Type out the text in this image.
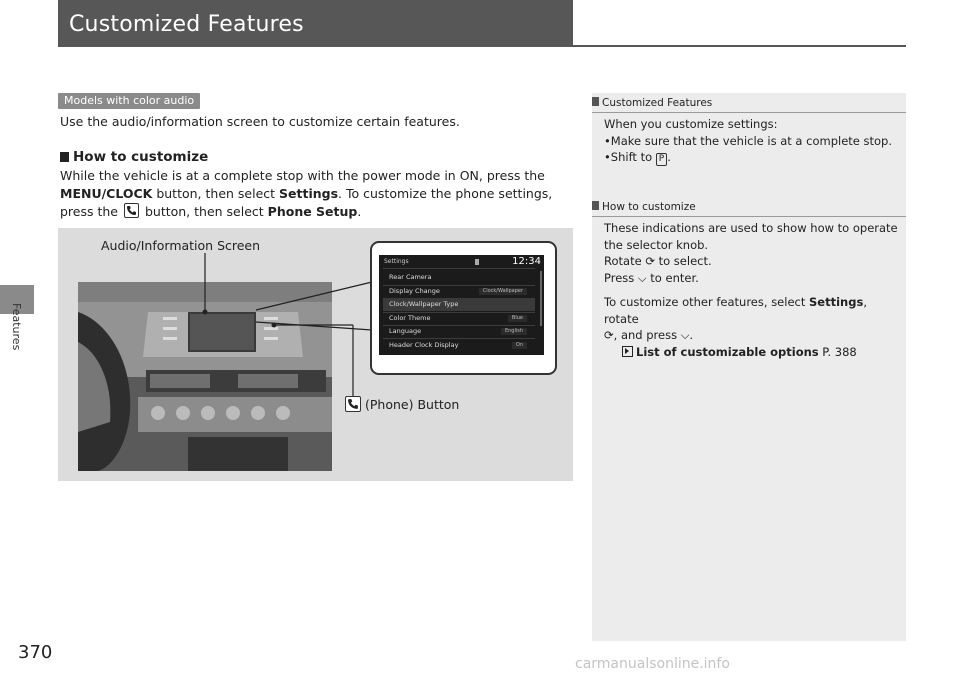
Customized Features
Features
Models with color audio
Use the audio/information screen to customize certain features.
How to customize
While the vehicle is at a complete stop with the power mode in ON, press the
MENU/CLOCK button, then select Settings. To customize the phone settings,
press the
button, then select Phone Setup.
Settings	12:34
Rear Camera
Display Change	Clock/Wallpaper
Clock/Wallpaper Type
Color Theme	Blue
Language	English
Header Clock Display	On
Audio/Information Screen
(Phone) Button
Customized Features
When you customize settings:
•Make sure that the vehicle is at a complete stop.
•Shift to P .
How to customize
These indications are used to show how to operate
the selector knob.
Rotate ⟳ to select.
Press ⌵ to enter.
To customize other features, select Settings, rotate
⟳, and press ⌵.
List of customizable options P. 388
370
carmanualsonline.info
